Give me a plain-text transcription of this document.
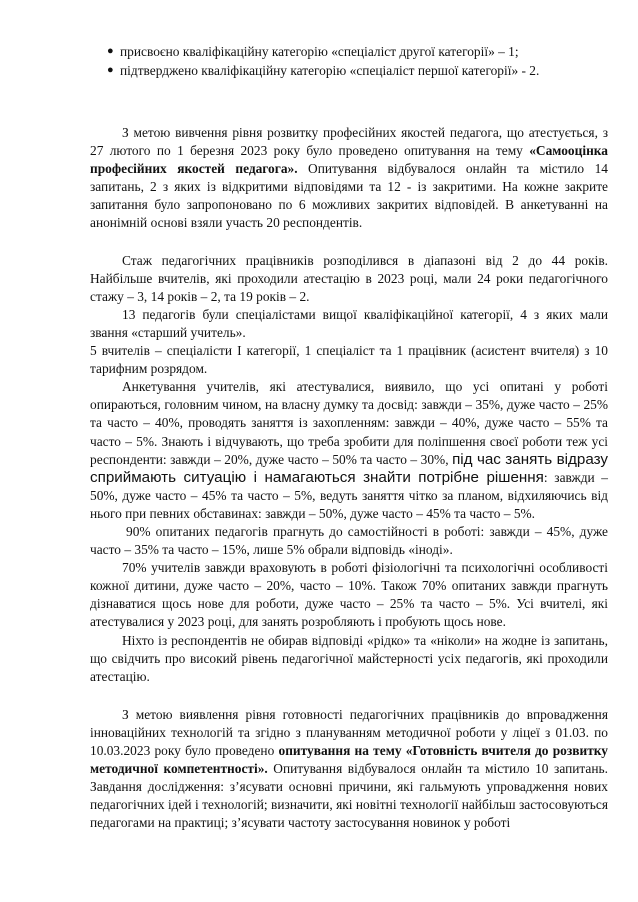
● присвоєно кваліфікаційну категорію «спеціаліст другої категорії» – 1;
● підтверджено кваліфікаційну категорію «спеціаліст першої категорії» - 2.

З метою вивчення рівня розвитку професійних якостей педагога, що атестується, з 27 лютого по 1 березня 2023 року було проведено опитування на тему «Самооцінка професійних якостей педагога». Опитування відбувалося онлайн та містило 14 запитань, 2 з яких із відкритими відповідями та 12 - із закритими. На кожне закрите запитання було запропоновано по 6 можливих закритих відповідей. В анкетуванні на анонімній основі взяли участь 20 респондентів.

Стаж педагогічних працівників розподілився в діапазоні від 2 до 44 років. Найбільше вчителів, які проходили атестацію в 2023 році, мали 24 роки педагогічного стажу – 3, 14 років – 2, та 19 років – 2.

13 педагогів були спеціалістами вищої кваліфікаційної категорії, 4 з яких мали звання «старший учитель».

5 вчителів – спеціалісти І категорії, 1 спеціаліст та 1 працівник (асистент вчителя) з 10 тарифним розрядом.

Анкетування учителів, які атестувалися, виявило, що усі опитані у роботі опираються, головним чином, на власну думку та досвід: завжди – 35%, дуже часто – 25% та часто – 40%, проводять заняття із захопленням: завжди – 40%, дуже часто – 55% та часто – 5%. Знають і відчувають, що треба зробити для поліпшення своєї роботи теж усі респонденти: завжди – 20%, дуже часто – 50% та часто – 30%, під час занять відразу сприймають ситуацію і намагаються знайти потрібне рішення: завжди – 50%, дуже часто – 45% та часто – 5%, ведуть заняття чітко за планом, відхиляючись від нього при певних обставинах: завжди – 50%, дуже часто – 45% та часто – 5%.

90% опитаних педагогів прагнуть до самостійності в роботі: завжди – 45%, дуже часто – 35% та часто – 15%, лише 5% обрали відповідь «іноді».

70% учителів завжди враховують в роботі фізіологічні та психологічні особливості кожної дитини, дуже часто – 20%, часто – 10%. Також 70% опитаних завжди прагнуть дізнаватися щось нове для роботи, дуже часто – 25% та часто – 5%. Усі вчителі, які атестувалися у 2023 році, для занять розробляють і пробують щось нове.

Ніхто із респондентів не обирав відповіді «рідко» та «ніколи» на жодне із запитань, що свідчить про високий рівень педагогічної майстерності усіх педагогів, які проходили атестацію.

З метою виявлення рівня готовності педагогічних працівників до впровадження інноваційних технологій та згідно з плануванням методичної роботи у ліцеї з 01.03. по 10.03.2023 року було проведено опитування на тему «Готовність вчителя до розвитку методичної компетентності». Опитування відбувалося онлайн та містило 10 запитань. Завдання дослідження: з’ясувати основні причини, які гальмують упровадження нових педагогічних ідей і технологій; визначити, які новітні технології найбільш застосовуються педагогами на практиці; з’ясувати частоту застосування новинок у роботі
